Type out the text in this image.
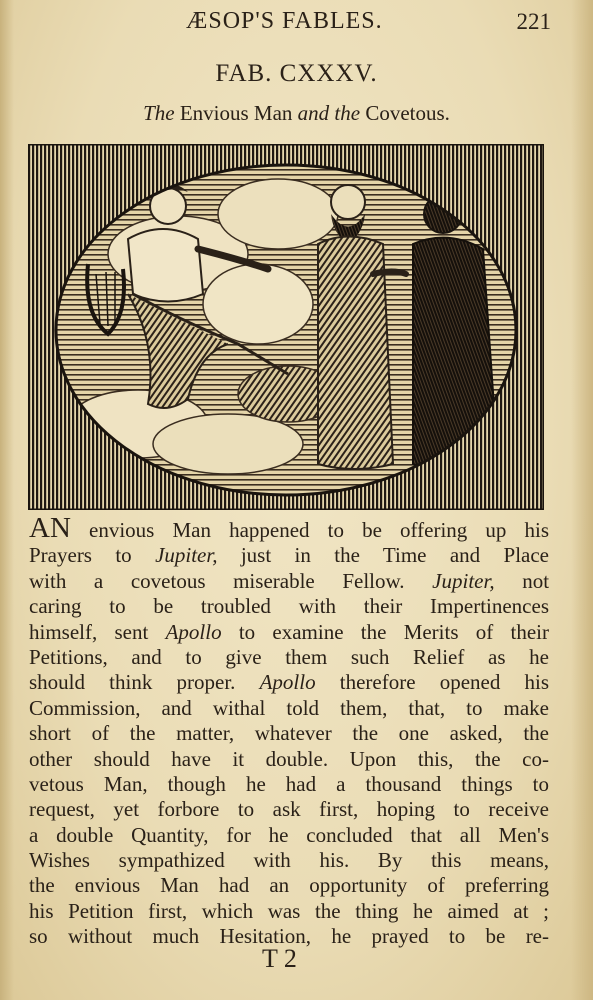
ÆSOP'S FABLES.	221
FAB. CXXXV.
The Envious Man and the Covetous.
AN envious Man happened to be offering up his
Prayers to Jupiter, just in the Time and Place
with a covetous miserable Fellow. Jupiter, not
caring to be troubled with their Impertinences
himself, sent Apollo to examine the Merits of their
Petitions, and to give them such Relief as he
should think proper. Apollo therefore opened his
Commission, and withal told them, that, to make
short of the matter, whatever the one asked, the
other should have it double. Upon this, the co-
vetous Man, though he had a thousand things to
request, yet forbore to ask first, hoping to receive
a double Quantity, for he concluded that all Men's
Wishes sympathized with his. By this means,
the envious Man had an opportunity of preferring
his Petition first, which was the thing he aimed at ;
so without much Hesitation, he prayed to be re-
T 2
